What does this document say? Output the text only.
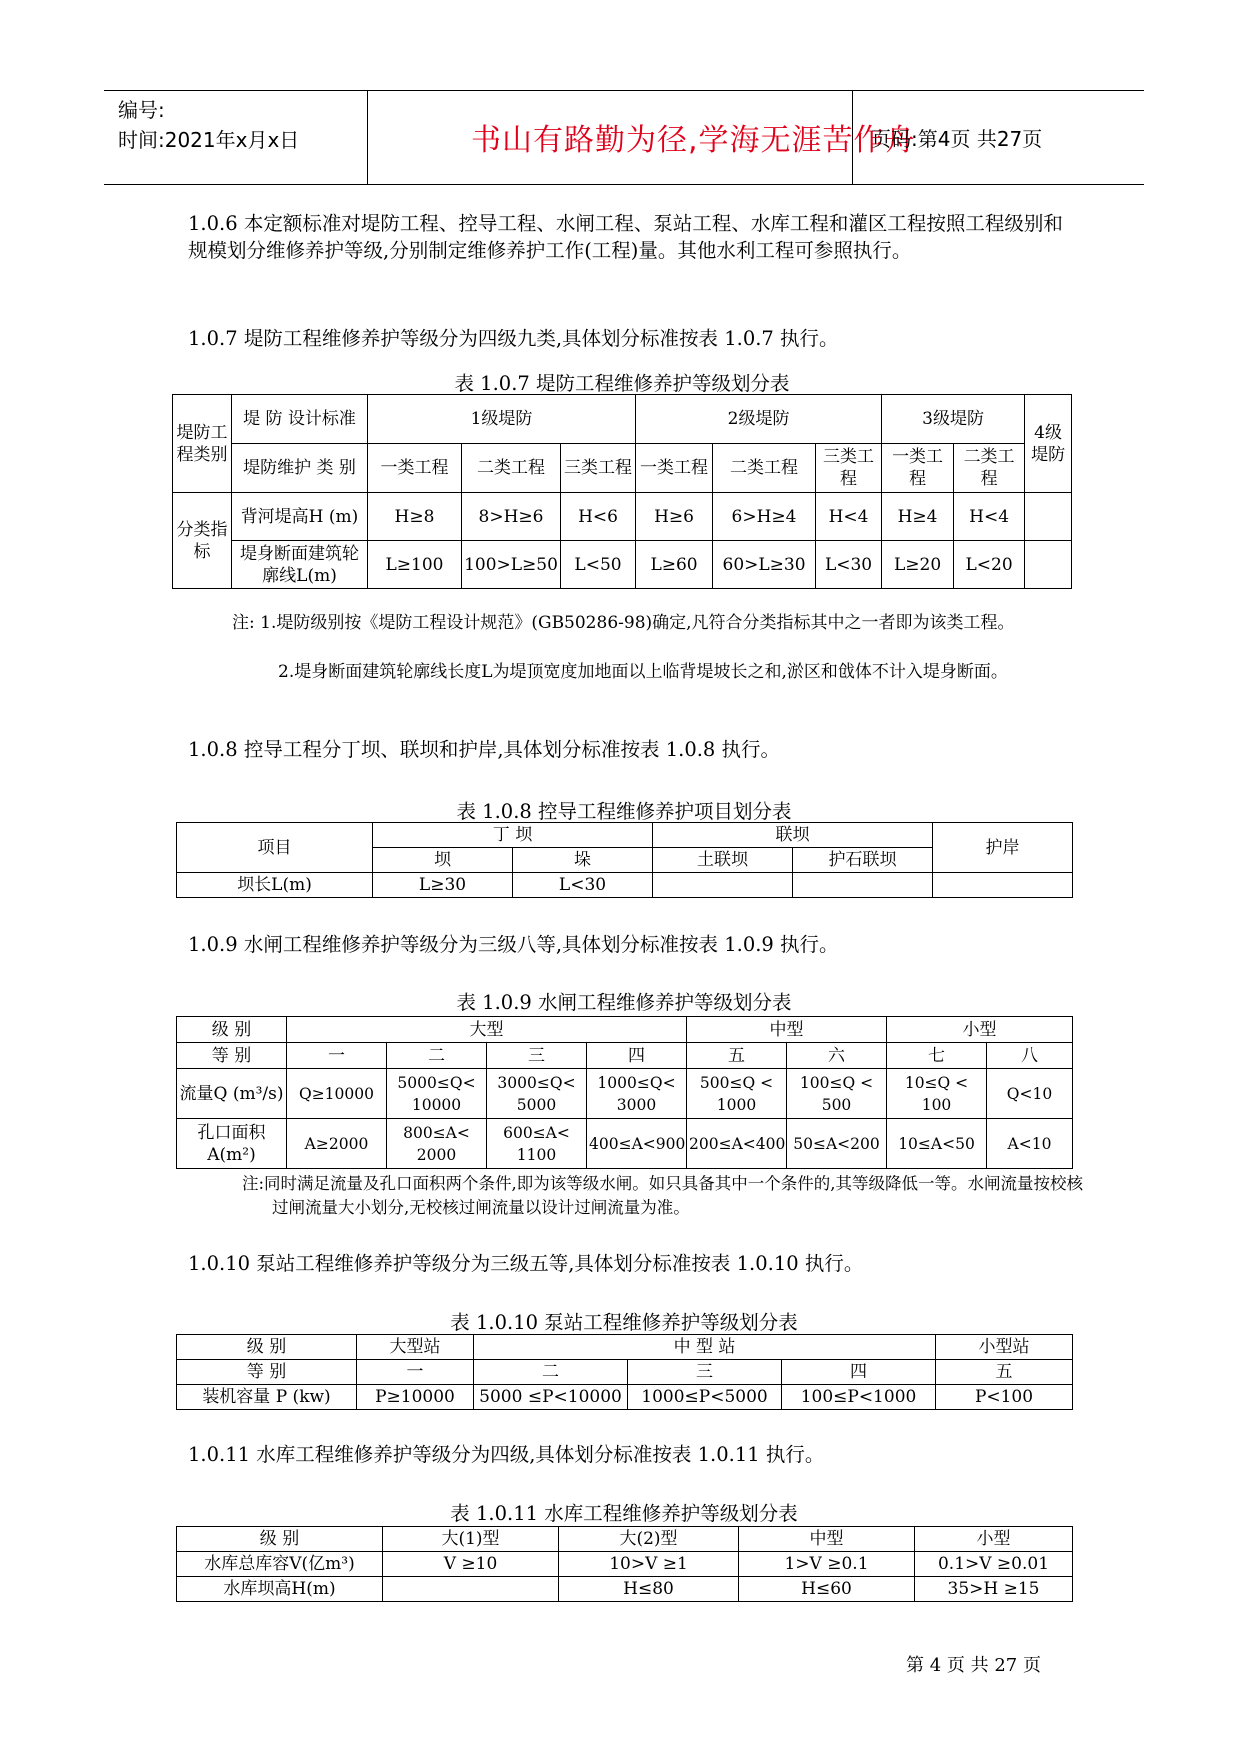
编号:
时间:2021年x月x日	书山有路勤为径,学海无涯苦作舟
页码:第4页 共27页
1.0.6 本定额标准对堤防工程、控导工程、水闸工程、泵站工程、水库工程和灌区工程按照工程级别和规模划分维修养护等级,分别制定维修养护工作(工程)量。其他水利工程可参照执行。
1.0.7 堤防工程维修养护等级分为四级九类,具体划分标准按表 1.0.7 执行。
表 1.0.7 堤防工程维修养护等级划分表
堤防工程类别	堤 防 设计标准	1级堤防			2级堤防			3级堤防		4级堤防
	堤防维护 类 别	一类工程	二类工程	三类工程	一类工程	二类工程	三类工程	一类工程	二类工程	
分类指标	背河堤高H (m)	H≥8	8>H≥6	H<6	H≥6	6>H≥4	H<4	H≥4	H<4	
	堤身断面建筑轮廓线L(m)	L≥100	100>L≥50	L<50	L≥60	60>L≥30	L<30	L≥20	L<20	
注: 1.堤防级别按《堤防工程设计规范》(GB50286-98)确定,凡符合分类指标其中之一者即为该类工程。
2.堤身断面建筑轮廓线长度L为堤顶宽度加地面以上临背堤坡长之和,淤区和戗体不计入堤身断面。
1.0.8 控导工程分丁坝、联坝和护岸,具体划分标准按表 1.0.8 执行。
表 1.0.8 控导工程维修养护项目划分表
项目	丁 坝		联坝		护岸
	坝	垛	土联坝	护石联坝	
坝长L(m)	L≥30	L<30			
1.0.9 水闸工程维修养护等级分为三级八等,具体划分标准按表 1.0.9 执行。
表 1.0.9 水闸工程维修养护等级划分表
级 别	大型				中型		小型	
等 别	一	二	三	四	五	六	七	八
流量Q (m³/s)	Q≥10000	5000≤Q< 10000	3000≤Q< 5000	1000≤Q< 3000	500≤Q < 1000	100≤Q < 500	10≤Q < 100	Q<10
孔口面积 A(m²)	A≥2000	800≤A< 2000	600≤A< 1100	400≤A<900	200≤A<400	50≤A<200	10≤A<50	A<10
注:同时满足流量及孔口面积两个条件,即为该等级水闸。如只具备其中一个条件的,其等级降低一等。水闸流量按校核过闸流量大小划分,无校核过闸流量以设计过闸流量为准。
1.0.10 泵站工程维修养护等级分为三级五等,具体划分标准按表 1.0.10 执行。
表 1.0.10 泵站工程维修养护等级划分表
级 别	大型站	中 型 站			小型站
等 别	一	二	三	四	五
装机容量 P (kw)	P≥10000	5000 ≤P<10000	1000≤P<5000	100≤P<1000	P<100
1.0.11 水库工程维修养护等级分为四级,具体划分标准按表 1.0.11 执行。
表 1.0.11 水库工程维修养护等级划分表
级 别	大(1)型	大(2)型	中型	小型
水库总库容V(亿m³)	V ≥10	10>V ≥1	1>V ≥0.1	0.1>V ≥0.01
水库坝高H(m)		H≤80	H≤60	35>H ≥15
第 4 页 共 27 页
